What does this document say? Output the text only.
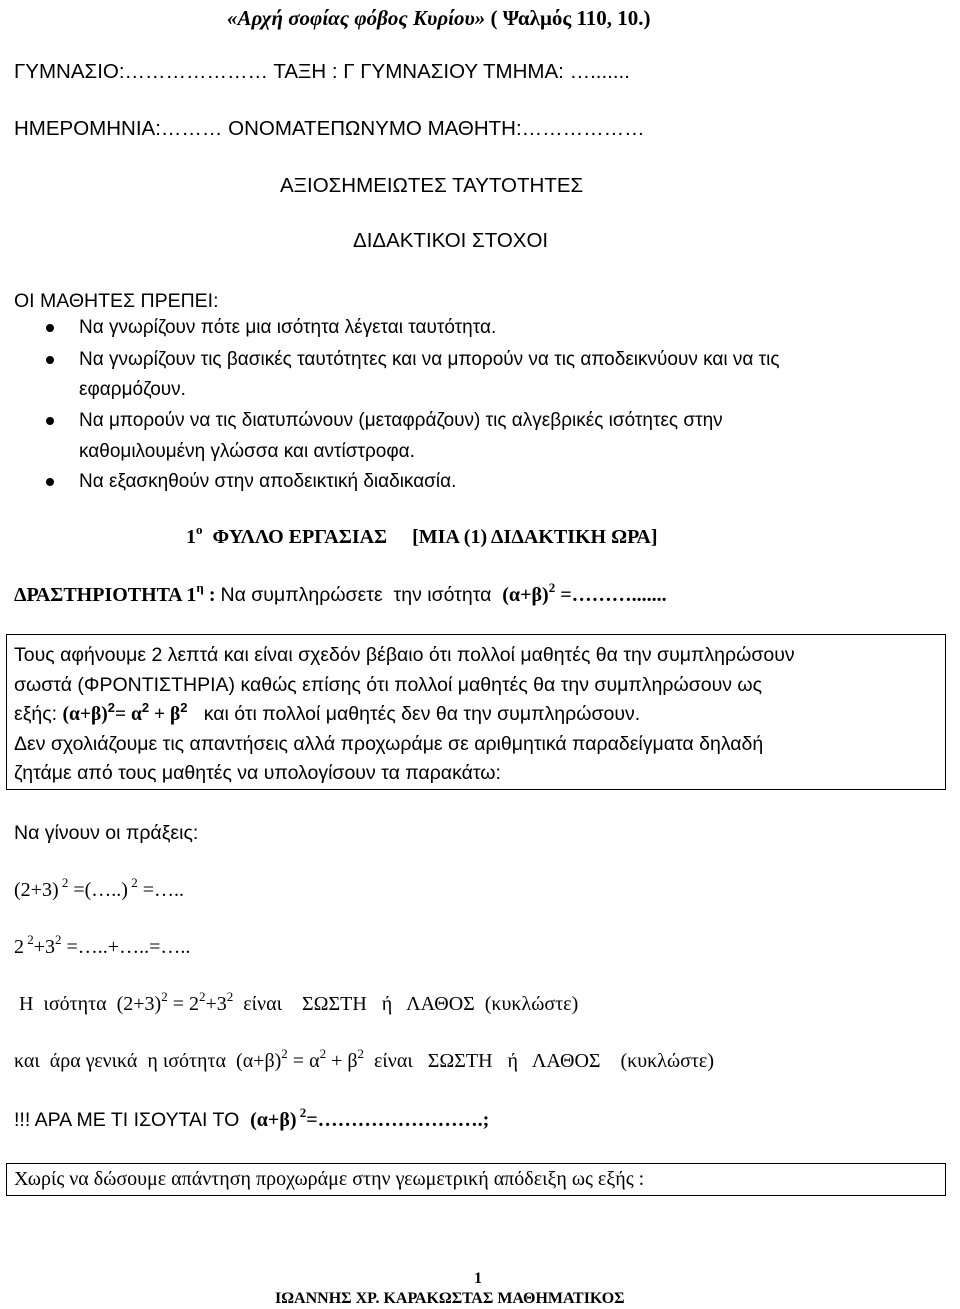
«Αρχή σοφίας φόβος Κυρίου» ( Ψαλμός 110, 10.)
ΓΥΜΝΑΣΙΟ:………………… ΤΑΞΗ : Γ ΓΥΜΝΑΣΙΟΥ ΤΜΗΜΑ: ….......
ΗΜΕΡΟΜΗΝΙΑ:……… ΟΝΟΜΑΤΕΠΩΝΥΜΟ ΜΑΘΗΤΗ:………………
ΑΞΙΟΣΗΜΕΙΩΤΕΣ ΤΑΥΤΟΤΗΤΕΣ
ΔΙΔΑΚΤΙΚΟΙ ΣΤΟΧΟΙ
ΟΙ ΜΑΘΗΤΕΣ ΠΡΕΠΕΙ:
Να γνωρίζουν πότε μια ισότητα λέγεται ταυτότητα.
Να γνωρίζουν τις βασικές ταυτότητες και να μπορούν να τις αποδεικνύουν και να τις
εφαρμόζουν.
Να μπορούν να τις διατυπώνουν (μεταφράζουν) τις αλγεβρικές ισότητες στην
καθομιλουμένη γλώσσα και αντίστροφα.
Να εξασκηθούν στην αποδεικτική διαδικασία.
$1^o$  ΦΥΛΛΟ ΕΡΓΑΣΙΑΣ     [ΜΙΑ (1) ΔΙΔΑΚΤΙΚΗ ΩΡΑ]
ΔΡΑΣΤΗΡΙΟΤΗΤΑ $1^\eta$ : Να συμπληρώσετε  την ισότητα  $(\alpha+\beta)^2$ =……….......
Τους αφήνουμε 2 λεπτά και είναι σχεδόν βέβαιο ότι πολλοί μαθητές θα την συμπληρώσουν
σωστά (ΦΡΟΝΤΙΣΤΗΡΙΑ) καθώς επίσης ότι πολλοί μαθητές θα την συμπληρώσουν ως
εξής: $(\alpha+\beta)^2= \alpha^2 + \beta^2$   και ότι πολλοί μαθητές δεν θα την συμπληρώσουν.
Δεν σχολιάζουμε τις απαντήσεις αλλά προχωράμε σε αριθμητικά παραδείγματα δηλαδή
ζητάμε από τους μαθητές να υπολογίσουν τα παρακάτω:
Να γίνουν οι πράξεις:
(2+3) $^2$ =(…..) $^2$ =…..
2 $^2+3^2$ =…..+…..=…..
Η  ισότητα  $(2+3)^2 = 2^2+3^2$  είναι    ΣΩΣΤΗ   ή   ΛΑΘΟΣ  (κυκλώστε)
και  άρα γενικά  η ισότητα  $(\alpha+\beta)^2 = \alpha^2 + \beta^2$  είναι   ΣΩΣΤΗ   ή   ΛΑΘΟΣ    (κυκλώστε)
!!! ΑΡΑ ΜΕ ΤΙ ΙΣΟΥΤΑΙ ΤΟ  (α+β) $^2$=…………………….;
Χωρίς να δώσουμε απάντηση προχωράμε στην γεωμετρική απόδειξη ως εξής :
1
ΙΩΑΝΝΗΣ ΧΡ. ΚΑΡΑΚΩΣΤΑΣ ΜΑΘΗΜΑΤΙΚΟΣ
